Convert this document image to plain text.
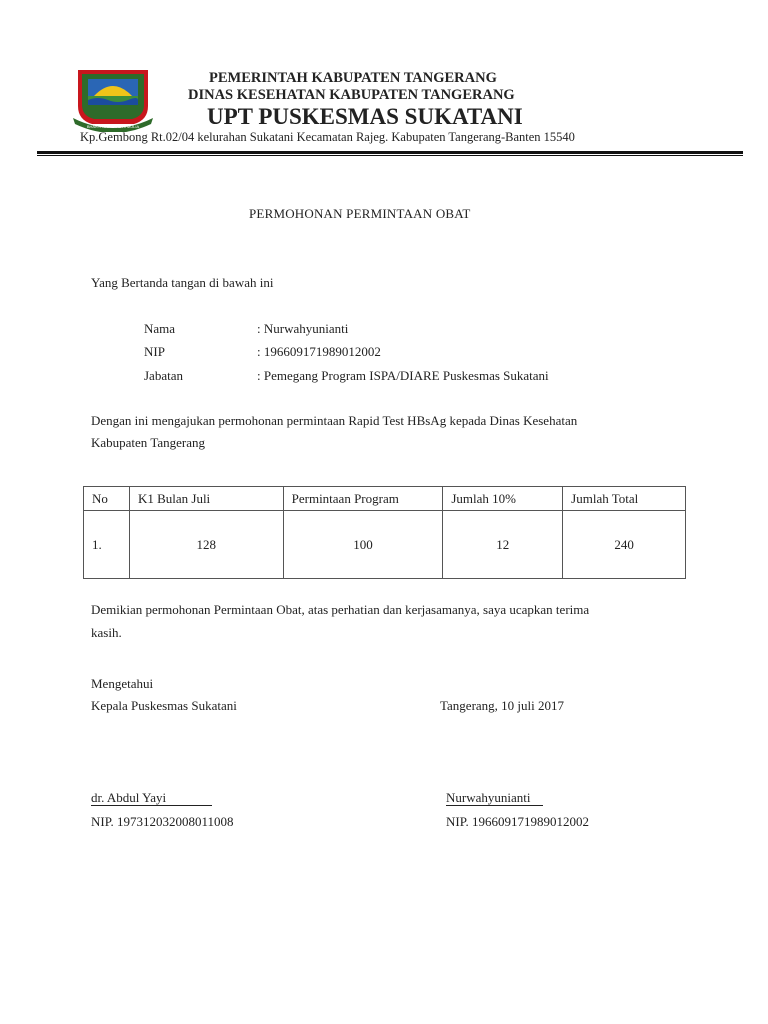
BHAKTI KARYA ADHI MULIA
PEMERINTAH KABUPATEN TANGERANG
DINAS KESEHATAN KABUPATEN TANGERANG
UPT PUSKESMAS SUKATANI
Kp.Gembong Rt.02/04 kelurahan Sukatani Kecamatan Rajeg. Kabupaten Tangerang-Banten 15540
PERMOHONAN PERMINTAAN OBAT
Yang Bertanda tangan di bawah ini
Nama	: Nurwahyunianti
NIP	: 196609171989012002
Jabatan	: Pemegang Program ISPA/DIARE Puskesmas Sukatani
Dengan ini mengajukan permohonan permintaan Rapid Test HBsAg kepada Dinas Kesehatan
Kabupaten Tangerang
No	K1 Bulan Juli	Permintaan Program	Jumlah 10%	Jumlah Total
1.	128	100	12	240
Demikian permohonan Permintaan Obat, atas perhatian dan kerjasamanya, saya ucapkan terima
kasih.
Mengetahui
Kepala Puskesmas Sukatani
dr. Abdul Yayi
NIP. 197312032008011008
Tangerang, 10 juli 2017
Nurwahyunianti
NIP. 196609171989012002
